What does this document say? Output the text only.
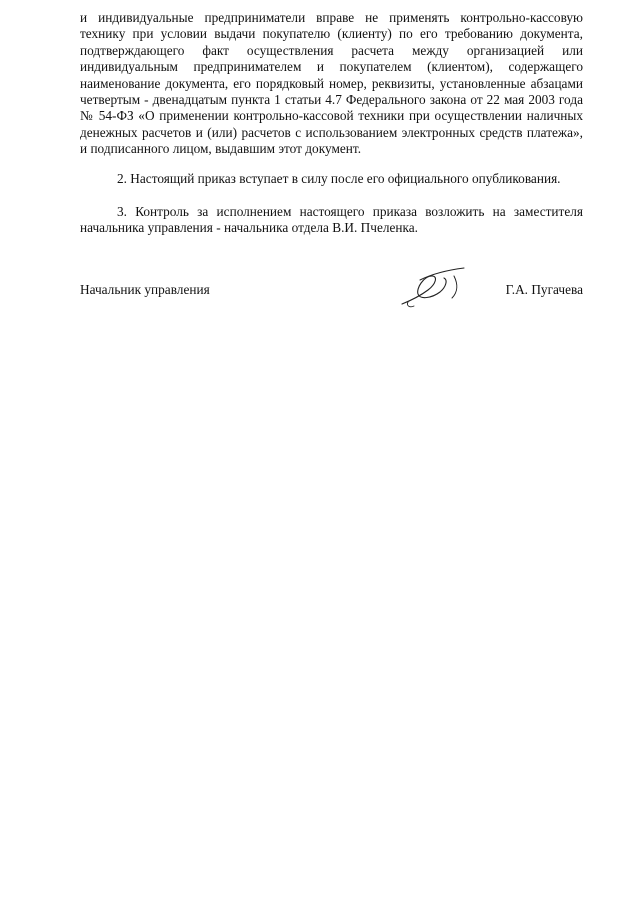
и индивидуальные предприниматели вправе не применять контрольно-кассовую технику при условии выдачи покупателю (клиенту) по его требованию документа, подтверждающего факт осуществления расчета между организацией или индивидуальным предпринимателем и покупателем (клиентом), содержащего наименование документа, его порядковый номер, реквизиты, установленные абзацами четвертым - двенадцатым пункта 1 статьи 4.7 Федерального закона от 22 мая 2003 года № 54-ФЗ «О применении контрольно-кассовой техники при осуществлении наличных денежных расчетов и (или) расчетов с использованием электронных средств платежа», и подписанного лицом, выдавшим этот документ.

2. Настоящий приказ вступает в силу после его официального опубликования.

3. Контроль за исполнением настоящего приказа возложить на заместителя начальника управления - начальника отдела В.И. Пчеленка.

Начальник управления	Г.А. Пугачева
